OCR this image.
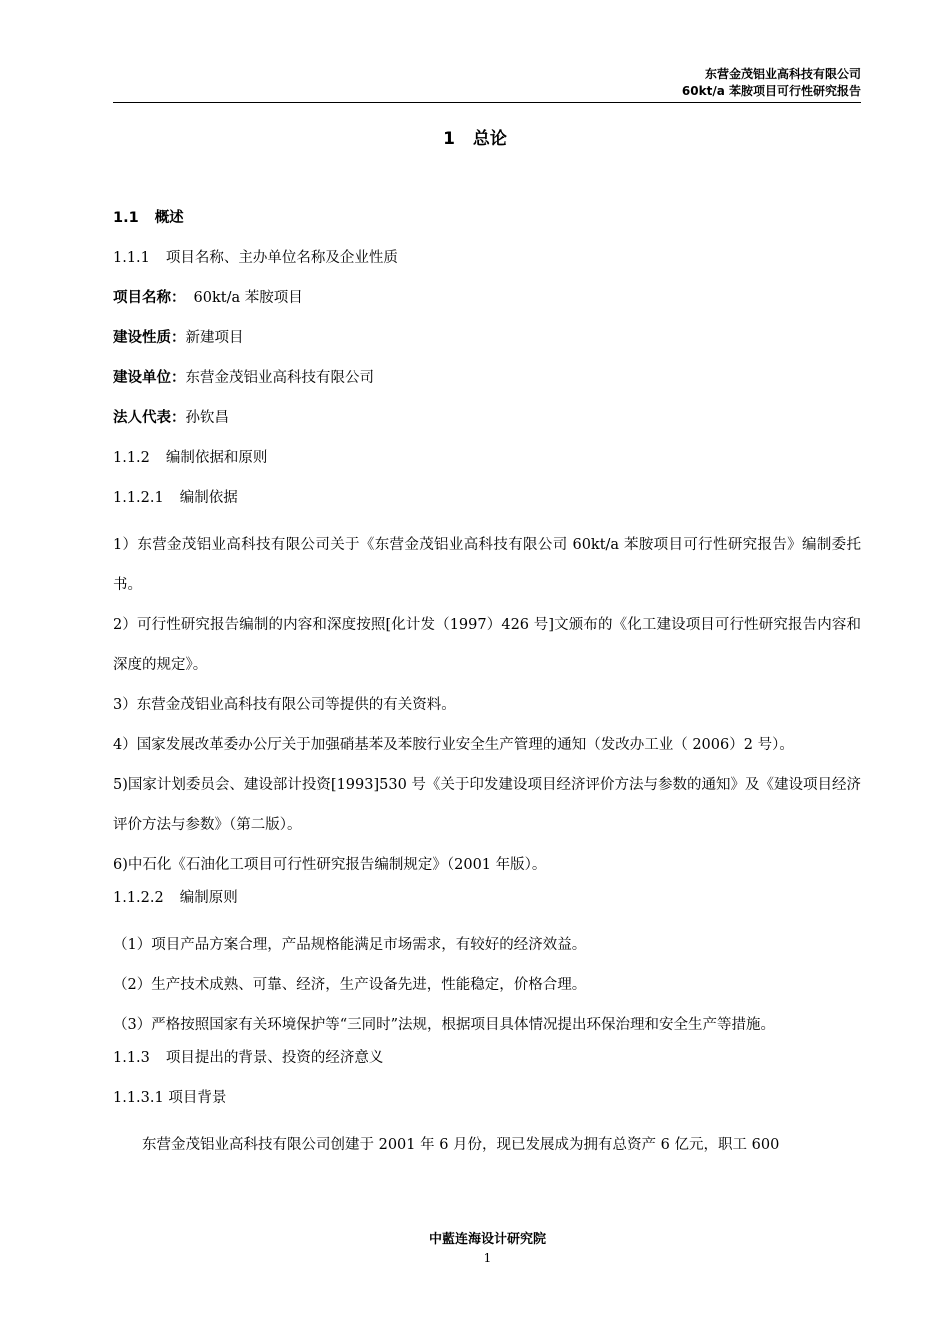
东营金茂铝业高科技有限公司
60kt/a 苯胺项目可行性研究报告
1 总论
1.1 概述
1.1.1 项目名称、主办单位名称及企业性质
项目名称： 60kt/a 苯胺项目
建设性质：新建项目
建设单位：东营金茂铝业高科技有限公司
法人代表：孙钦昌
1.1.2 编制依据和原则
1.1.2.1 编制依据
1）东营金茂铝业高科技有限公司关于《东营金茂铝业高科技有限公司 60kt/a 苯胺项目可行性研究报告》编制委托书。
2）可行性研究报告编制的内容和深度按照[化计发（1997）426 号]文颁布的《化工建设项目可行性研究报告内容和深度的规定》。
3）东营金茂铝业高科技有限公司等提供的有关资料。
4）国家发展改革委办公厅关于加强硝基苯及苯胺行业安全生产管理的通知（发改办工业（ 2006）2 号）。
5)国家计划委员会、建设部计投资[1993]530 号《关于印发建设项目经济评价方法与参数的通知》及《建设项目经济评价方法与参数》（第二版）。
6)中石化《石油化工项目可行性研究报告编制规定》（2001 年版）。
1.1.2.2 编制原则
（1）项目产品方案合理，产品规格能满足市场需求，有较好的经济效益。
（2）生产技术成熟、可靠、经济，生产设备先进，性能稳定，价格合理。
（3）严格按照国家有关环境保护等“三同时”法规，根据项目具体情况提出环保治理和安全生产等措施。
1.1.3 项目提出的背景、投资的经济意义
1.1.3.1 项目背景
东营金茂铝业高科技有限公司创建于 2001 年 6 月份，现已发展成为拥有总资产 6 亿元，职工 600
中藍连海设计研究院
1
